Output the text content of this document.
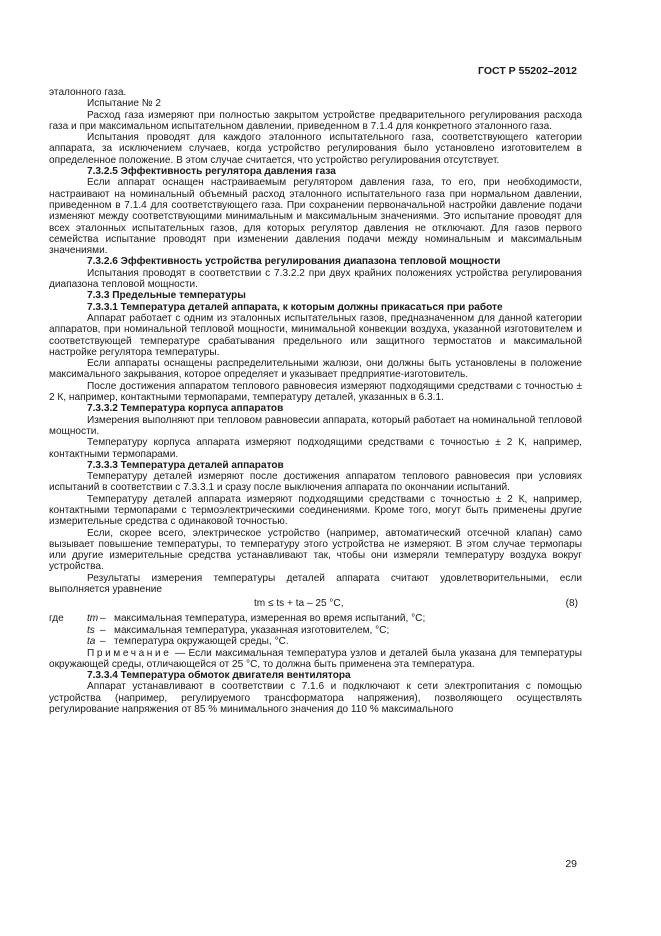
ГОСТ Р 55202–2012

эталонного газа.

Испытание № 2

Расход газа измеряют при полностью закрытом устройстве предварительного регулирования расхода газа и при максимальном испытательном давлении, приведенном в 7.1.4 для конкретного эталонного газа.

Испытания проводят для каждого эталонного испытательного газа, соответствующего категории аппарата, за исключением случаев, когда устройство регулирования было установлено изготовителем в определенное положение. В этом случае считается, что устройство регулирования отсутствует.

7.3.2.5 Эффективность регулятора давления газа

Если аппарат оснащен настраиваемым регулятором давления газа, то его, при необходимости, настраивают на номинальный объемный расход эталонного испытательного газа при нормальном давлении, приведенном в 7.1.4 для соответствующего газа. При сохранении первоначальной настройки давление подачи изменяют между соответствующими минимальным и максимальным значениями. Это испытание проводят для всех эталонных испытательных газов, для которых регулятор давления не отключают. Для газов первого семейства испытание проводят при изменении давления подачи между номинальным и максимальным значениями.

7.3.2.6 Эффективность устройства регулирования диапазона тепловой мощности

Испытания проводят в соответствии с 7.3.2.2 при двух крайних положениях устройства регулирования диапазона тепловой мощности.

7.3.3 Предельные температуры

7.3.3.1 Температура деталей аппарата, к которым должны прикасаться при работе

Аппарат работает с одним из эталонных испытательных газов, предназначенном для данной категории аппаратов, при номинальной тепловой мощности, минимальной конвекции воздуха, указанной изготовителем и соответствующей температуре срабатывания предельного или защитного термостатов и максимальной настройке регулятора температуры.

Если аппараты оснащены распределительными жалюзи, они должны быть установлены в положение максимального закрывания, которое определяет и указывает предприятие-изготовитель.

После достижения аппаратом теплового равновесия измеряют подходящими средствами с точностью ± 2 К, например, контактными термопарами, температуру деталей, указанных в 6.3.1.

7.3.3.2 Температура корпуса аппаратов

Измерения выполняют при тепловом равновесии аппарата, который работает на номинальной тепловой мощности.

Температуру корпуса аппарата измеряют подходящими средствами с точностью ± 2 К, например, контактными термопарами.

7.3.3.3 Температура деталей аппаратов

Температуру деталей измеряют после достижения аппаратом теплового равновесия при условиях испытаний в соответствии с 7.3.3.1 и сразу после выключения аппарата по окончании испытаний.

Температуру деталей аппарата измеряют подходящими средствами с точностью ± 2 К, например, контактными термопарами с термоэлектрическими соединениями. Кроме того, могут быть применены другие измерительные средства с одинаковой точностью.

Если, скорее всего, электрическое устройство (например, автоматический отсечной клапан) само вызывает повышение температуры, то температуру этого устройства не измеряют. В этом случае термопары или другие измерительные средства устанавливают так, чтобы они измеряли температуру воздуха вокруг устройства.

Результаты измерения температуры деталей аппарата считают удовлетворительными, если выполняется уравнение

tm ≤ ts + ta – 25 °C,	(8)
где	tm – максимальная температура, измеренная во время испытаний, °C;
ts – максимальная температура, указанная изготовителем, °C;
ta – температура окружающей среды, °C.

Примечание — Если максимальная температура узлов и деталей была указана для температуры окружающей среды, отличающейся от 25 °C, то должна быть применена эта температура.

7.3.3.4 Температура обмоток двигателя вентилятора

Аппарат устанавливают в соответствии с 7.1.6 и подключают к сети электропитания с помощью устройства (например, регулируемого трансформатора напряжения), позволяющего осуществлять регулирование напряжения от 85 % минимального значения до 110 % максимального

29
